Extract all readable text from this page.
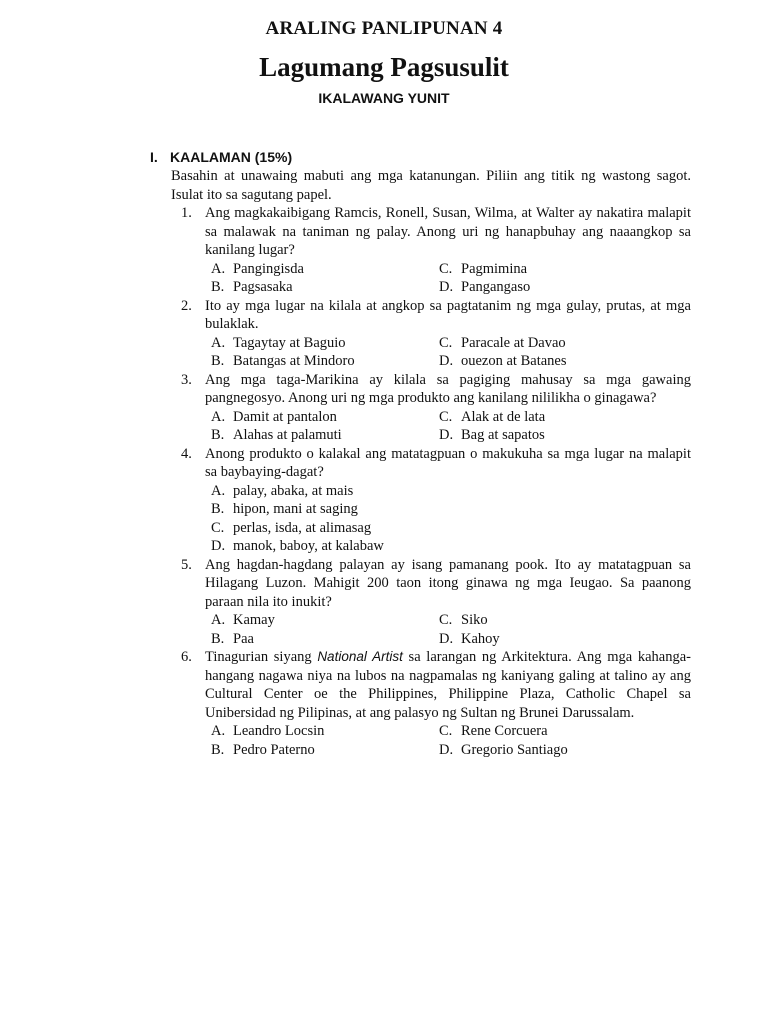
ARALING PANLIPUNAN 4
Lagumang Pagsusulit
IKALAWANG YUNIT
I. KAALAMAN (15%)
Basahin at unawaing mabuti ang mga katanungan. Piliin ang titik ng wastong sagot. Isulat ito sa sagutang papel.
1. Ang magkakaibigang Ramcis, Ronell, Susan, Wilma, at Walter ay nakatira malapit sa malawak na taniman ng palay. Anong uri ng hanapbuhay ang naaangkop sa kanilang lugar?
A. Pangingisda	C. Pagmimina
B. Pagsasaka	D. Pangangaso
2. Ito ay mga lugar na kilala at angkop sa pagtatanim ng mga gulay, prutas, at mga bulaklak.
A. Tagaytay at Baguio	C. Paracale at Davao
B. Batangas at Mindoro	D. ouezon at Batanes
3. Ang mga taga-Marikina ay kilala sa pagiging mahusay sa mga gawaing pangnegosyo. Anong uri ng mga produkto ang kanilang nililikha o ginagawa?
A. Damit at pantalon	C. Alak at de lata
B. Alahas at palamuti	D. Bag at sapatos
4. Anong produkto o kalakal ang matatagpuan o makukuha sa mga lugar na malapit sa baybaying-dagat?
A. palay, abaka, at mais
B. hipon, mani at saging
C. perlas, isda, at alimasag
D. manok, baboy, at kalabaw
5. Ang hagdan-hagdang palayan ay isang pamanang pook. Ito ay matatagpuan sa Hilagang Luzon. Mahigit 200 taon itong ginawa ng mga Ieugao. Sa paanong paraan nila ito inukit?
A. Kamay	C. Siko
B. Paa	D. Kahoy
6. Tinagurian siyang National Artist sa larangan ng Arkitektura. Ang mga kahanga-hangang nagawa niya na lubos na nagpamalas ng kaniyang galing at talino ay ang Cultural Center oe the Philippines, Philippine Plaza, Catholic Chapel sa Unibersidad ng Pilipinas, at ang palasyo ng Sultan ng Brunei Darussalam.
A. Leandro Locsin	C. Rene Corcuera
B. Pedro Paterno	D. Gregorio Santiago
